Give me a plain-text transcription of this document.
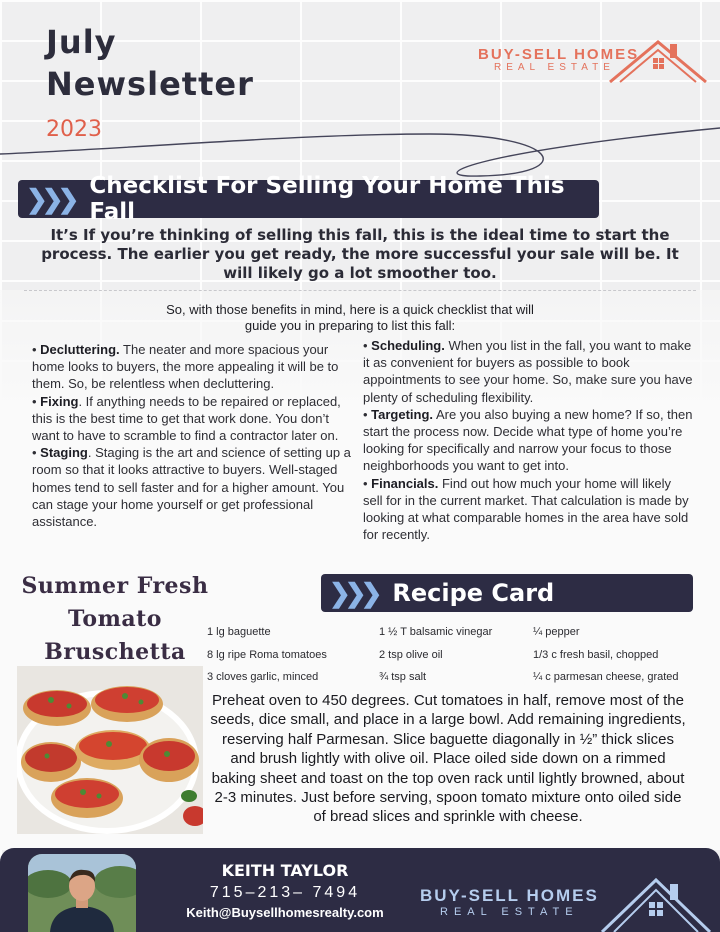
July
Newsletter
2023
BUY-SELL HOMES
REAL ESTATE
❯❯❯ Checklist For Selling Your Home This Fall
It’s If you’re thinking of selling this fall, this is the ideal time to start the process. The earlier you get ready, the more successful your sale will be. It will likely go a lot smoother too.
So, with those benefits in mind, here is a quick checklist that will
guide you in preparing to list this fall:

• Decluttering. The neater and more spacious your home looks to buyers, the more appealing it will be to them. So, be relentless when decluttering.

• Fixing. If anything needs to be repaired or replaced, this is the best time to get that work done. You don’t want to have to scramble to find a contractor later on.

• Staging. Staging is the art and science of setting up a room so that it looks attractive to buyers. Well-staged homes tend to sell faster and for a higher amount. You can stage your home yourself or get professional assistance.

• Scheduling. When you list in the fall, you want to make it as convenient for buyers as possible to book appointments to see your home. So, make sure you have plenty of scheduling flexibility.

• Targeting. Are you also buying a new home? If so, then start the process now. Decide what type of home you’re looking for specifically and narrow your focus to those neighborhoods you want to get into.

• Financials. Find out how much your home will likely sell for in the current market. That calculation is made by looking at what comparable homes in the area have sold for recently.

Summer Fresh
Tomato
Bruschetta
❯❯❯ Recipe Card
1 lg baguette
8 lg ripe Roma tomatoes
3 cloves garlic, minced
1 ½ T balsamic vinegar
2 tsp olive oil
¾ tsp salt
¼ pepper
1/3 c fresh basil, chopped
¼ c parmesan cheese, grated
Preheat oven to 450 degrees. Cut tomatoes in half, remove most of the seeds, dice small, and place in a large bowl. Add remaining ingredients, reserving half Parmesan. Slice baguette diagonally in ½” thick slices and brush lightly with olive oil. Place oiled side down on a rimmed baking sheet and toast on the top oven rack until lightly browned, about 2-3 minutes. Just before serving, spoon tomato mixture onto oiled side of bread slices and sprinkle with cheese.
KEITH TAYLOR
715–213– 7494
Keith@Buysellhomesrealty.com
BUY-SELL HOMES
REAL ESTATE
